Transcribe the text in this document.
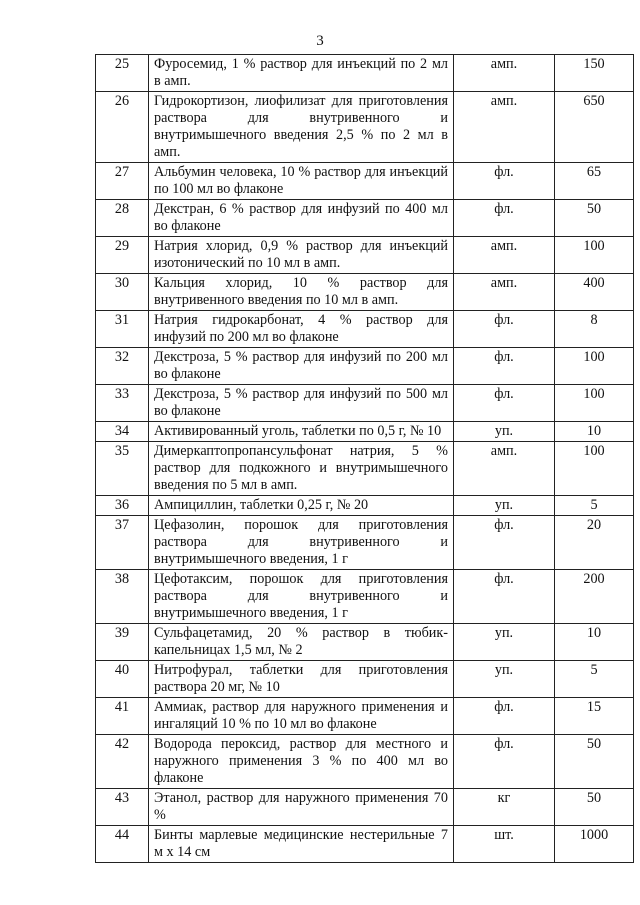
3
25	Фуросемид, 1 % раствор для инъекций по 2 мл в амп.	амп.	150
26	Гидрокортизон, лиофилизат для приготовления раствора для внутривенного и внутримышечного введения 2,5 % по 2 мл в амп.	амп.	650
27	Альбумин человека, 10 % раствор для инъекций по 100 мл во флаконе	фл.	65
28	Декстран, 6 % раствор для инфузий по 400 мл во флаконе	фл.	50
29	Натрия хлорид, 0,9 % раствор для инъекций изотонический по 10 мл в амп.	амп.	100
30	Кальция хлорид, 10 % раствор для внутривенного введения по 10 мл в амп.	амп.	400
31	Натрия гидрокарбонат, 4 % раствор для инфузий по 200 мл во флаконе	фл.	8
32	Декстроза, 5 % раствор для инфузий по 200 мл во флаконе	фл.	100
33	Декстроза, 5 % раствор для инфузий по 500 мл во флаконе	фл.	100
34	Активированный уголь, таблетки по 0,5 г, № 10	уп.	10
35	Димеркаптопропансульфонат натрия, 5 % раствор для подкожного и внутримышечного введения по 5 мл в амп.	амп.	100
36	Ампициллин, таблетки 0,25 г, № 20	уп.	5
37	Цефазолин, порошок для приготовления раствора для внутривенного и внутримышечного введения, 1 г	фл.	20
38	Цефотаксим, порошок для приготовления раствора для внутривенного и внутримышечного введения, 1 г	фл.	200
39	Сульфацетамид, 20 % раствор в тюбик-капельницах 1,5 мл, № 2	уп.	10
40	Нитрофурал, таблетки для приготовления раствора 20 мг, № 10	уп.	5
41	Аммиак, раствор для наружного применения и ингаляций 10 % по 10 мл во флаконе	фл.	15
42	Водорода пероксид, раствор для местного и наружного применения 3 % по 400 мл во флаконе	фл.	50
43	Этанол, раствор для наружного применения 70 %	кг	50
44	Бинты марлевые медицинские нестерильные 7 м х 14 см	шт.	1000
